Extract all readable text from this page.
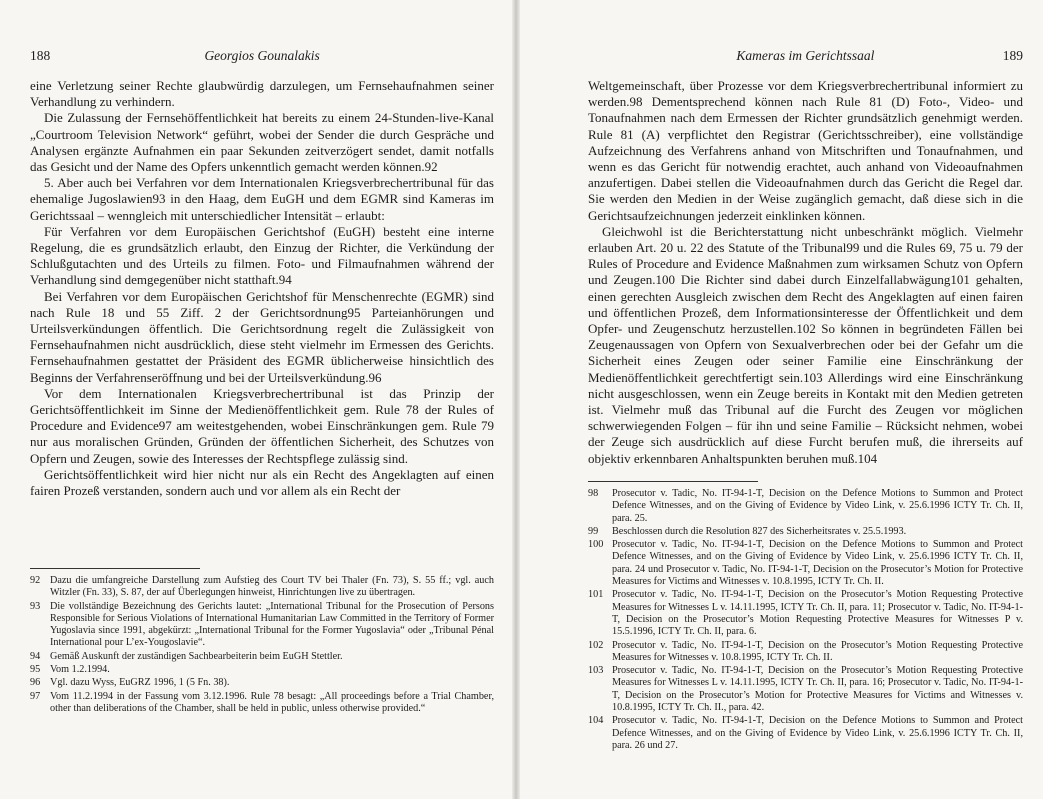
188	Georgios Gounalakis

eine Verletzung seiner Rechte glaubwürdig darzulegen, um Fernsehaufnahmen seiner Verhandlung zu verhindern.

Die Zulassung der Fernsehöffentlichkeit hat bereits zu einem 24-Stunden-live-Kanal „Courtroom Television Network“ geführt, wobei der Sender die durch Gespräche und Analysen ergänzte Aufnahmen ein paar Sekunden zeitverzögert sendet, damit notfalls das Gesicht und der Name des Opfers unkenntlich gemacht werden können.92

5. Aber auch bei Verfahren vor dem Internationalen Kriegsverbrechertribunal für das ehemalige Jugoslawien93 in den Haag, dem EuGH und dem EGMR sind Kameras im Gerichtssaal – wenngleich mit unterschiedlicher Intensität – erlaubt:

Für Verfahren vor dem Europäischen Gerichtshof (EuGH) besteht eine interne Regelung, die es grundsätzlich erlaubt, den Einzug der Richter, die Verkündung der Schlußgutachten und des Urteils zu filmen. Foto- und Filmaufnahmen während der Verhandlung sind demgegenüber nicht statthaft.94

Bei Verfahren vor dem Europäischen Gerichtshof für Menschenrechte (EGMR) sind nach Rule 18 und 55 Ziff. 2 der Gerichtsordnung95 Parteianhörungen und Urteilsverkündungen öffentlich. Die Gerichtsordnung regelt die Zulässigkeit von Fernsehaufnahmen nicht ausdrücklich, diese steht vielmehr im Ermessen des Gerichts. Fernsehaufnahmen gestattet der Präsident des EGMR üblicherweise hinsichtlich des Beginns der Verfahrenseröffnung und bei der Urteilsverkündung.96

Vor dem Internationalen Kriegsverbrechertribunal ist das Prinzip der Gerichtsöffentlichkeit im Sinne der Medienöffentlichkeit gem. Rule 78 der Rules of Procedure and Evidence97 am weitestgehenden, wobei Einschränkungen gem. Rule 79 nur aus moralischen Gründen, Gründen der öffentlichen Sicherheit, des Schutzes von Opfern und Zeugen, sowie des Interesses der Rechtspflege zulässig sind.

Gerichtsöffentlichkeit wird hier nicht nur als ein Recht des Angeklagten auf einen fairen Prozeß verstanden, sondern auch und vor allem als ein Recht der

92 Dazu die umfangreiche Darstellung zum Aufstieg des Court TV bei Thaler (Fn. 73), S. 55 ff.; vgl. auch Witzler (Fn. 33), S. 87, der auf Überlegungen hinweist, Hinrichtungen live zu übertragen.
93 Die vollständige Bezeichnung des Gerichts lautet: „International Tribunal for the Prosecution of Persons Responsible for Serious Violations of International Humanitarian Law Committed in the Territory of Former Yugoslavia since 1991, abgekürzt: „International Tribunal for the Former Yugoslavia“ oder „Tribunal Pénal International pour L’ex-Yougoslavie“.
94 Gemäß Auskunft der zuständigen Sachbearbeiterin beim EuGH Stettler.
95 Vom 1.2.1994.
96 Vgl. dazu Wyss, EuGRZ 1996, 1 (5 Fn. 38).
97 Vom 11.2.1994 in der Fassung vom 3.12.1996. Rule 78 besagt: „All proceedings before a Trial Chamber, other than deliberations of the Chamber, shall be held in public, unless otherwise provided.“
Kameras im Gerichtssaal	189

Weltgemeinschaft, über Prozesse vor dem Kriegsverbrechertribunal informiert zu werden.98 Dementsprechend können nach Rule 81 (D) Foto-, Video- und Tonaufnahmen nach dem Ermessen der Richter grundsätzlich genehmigt werden. Rule 81 (A) verpflichtet den Registrar (Gerichtsschreiber), eine vollständige Aufzeichnung des Verfahrens anhand von Mitschriften und Tonaufnahmen, und wenn es das Gericht für notwendig erachtet, auch anhand von Videoaufnahmen anzufertigen. Dabei stellen die Videoaufnahmen durch das Gericht die Regel dar. Sie werden den Medien in der Weise zugänglich gemacht, daß diese sich in die Gerichtsaufzeichnungen jederzeit einklinken können.

Gleichwohl ist die Berichterstattung nicht unbeschränkt möglich. Vielmehr erlauben Art. 20 u. 22 des Statute of the Tribunal99 und die Rules 69, 75 u. 79 der Rules of Procedure and Evidence Maßnahmen zum wirksamen Schutz von Opfern und Zeugen.100 Die Richter sind dabei durch Einzelfallabwägung101 gehalten, einen gerechten Ausgleich zwischen dem Recht des Angeklagten auf einen fairen und öffentlichen Prozeß, dem Informationsinteresse der Öffentlichkeit und dem Opfer- und Zeugenschutz herzustellen.102 So können in begründeten Fällen bei Zeugenaussagen von Opfern von Sexualverbrechen oder bei der Gefahr um die Sicherheit eines Zeugen oder seiner Familie eine Einschränkung der Medienöffentlichkeit gerechtfertigt sein.103 Allerdings wird eine Einschränkung nicht ausgeschlossen, wenn ein Zeuge bereits in Kontakt mit den Medien getreten ist. Vielmehr muß das Tribunal auf die Furcht des Zeugen vor möglichen schwerwiegenden Folgen – für ihn und seine Familie – Rücksicht nehmen, wobei der Zeuge sich ausdrücklich auf diese Furcht berufen muß, die ihrerseits auf objektiv erkennbaren Anhaltspunkten beruhen muß.104

98	Prosecutor v. Tadic, No. IT-94-1-T, Decision on the Defence Motions to Summon and Protect Defence Witnesses, and on the Giving of Evidence by Video Link, v. 25.6.1996 ICTY Tr. Ch. II, para. 25.
99	Beschlossen durch die Resolution 827 des Sicherheitsrates v. 25.5.1993.
100 Prosecutor v. Tadic, No. IT-94-1-T, Decision on the Defence Motions to Summon and Protect Defence Witnesses, and on the Giving of Evidence by Video Link, v. 25.6.1996 ICTY Tr. Ch. II, para. 24 und Prosecutor v. Tadic, No. IT-94-1-T, Decision on the Prosecutor’s Motion for Protective Measures for Victims and Witnesses v. 10.8.1995, ICTY Tr. Ch. II.
101 Prosecutor v. Tadic, No. IT-94-1-T, Decision on the Prosecutor’s Motion Requesting Protective Measures for Witnesses L v. 14.11.1995, ICTY Tr. Ch. II, para. 11; Prosecutor v. Tadic, No. IT-94-1-T, Decision on the Prosecutor’s Motion Requesting Protective Measures for Witnesses P v. 15.5.1996, ICTY Tr. Ch. II, para. 6.
102 Prosecutor v. Tadic, No. IT-94-1-T, Decision on the Prosecutor’s Motion Requesting Protective Measures for Witnesses v. 10.8.1995, ICTY Tr. Ch. II.
103 Prosecutor v. Tadic, No. IT-94-1-T, Decision on the Prosecutor’s Motion Requesting Protective Measures for Witnesses L v. 14.11.1995, ICTY Tr. Ch. II, para. 16; Prosecutor v. Tadic, No. IT-94-1-T, Decision on the Prosecutor’s Motion for Protective Measures for Victims and Witnesses v. 10.8.1995, ICTY Tr. Ch. II., para. 42.
104 Prosecutor v. Tadic, No. IT-94-1-T, Decision on the Defence Motions to Summon and Protect Defence Witnesses, and on the Giving of Evidence by Video Link, v. 25.6.1996 ICTY Tr. Ch. II, para. 26 und 27.
